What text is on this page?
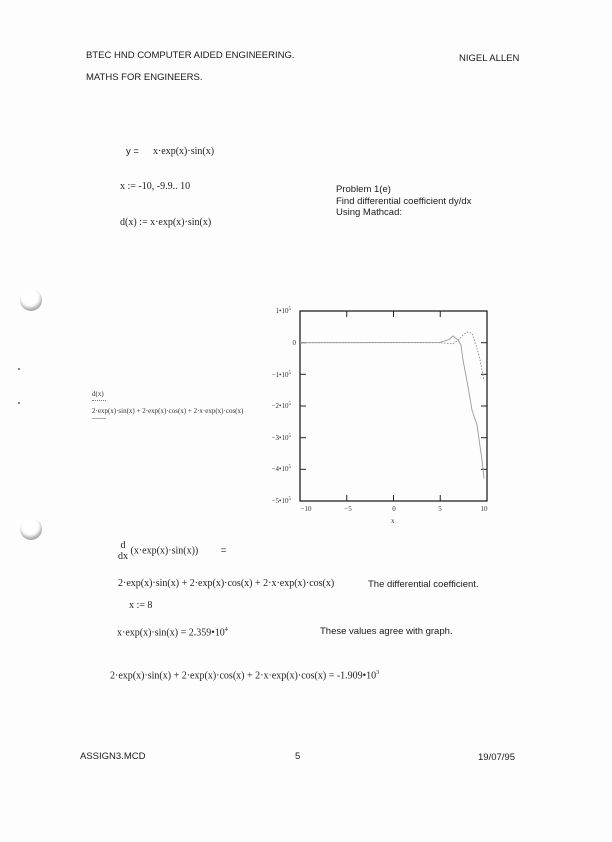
BTEC HND COMPUTER AIDED ENGINEERING.	NIGEL ALLEN
MATHS FOR ENGINEERS.
y = x·exp(x)·sin(x)
x := -10, -9.9.. 10
d(x) := x·exp(x)·sin(x)
Problem 1(e)
Find differential coefficient dy/dx
Using Mathcad:
d(x)
2·exp(x)·sin(x) + 2·exp(x)·cos(x) + 2·x·exp(x)·cos(x)
$1•10^5$
0
$-1•10^5$
$-2•10^5$
$-3•10^5$
$-4•10^5$
$-5•10^5$
−10	−5	0	5	10
x
d
dx
(x·exp(x)·sin(x)) =
2·exp(x)·sin(x) + 2·exp(x)·cos(x) + 2·x·exp(x)·cos(x)	The differential coefficient.
x := 8
$x\cdot\exp(x)\cdot\sin(x) = 2.359•10^4$	These values agree with graph.
$2\cdot\exp(x)\cdot\sin(x) + 2\cdot\exp(x)\cdot\cos(x) + 2\cdot x\cdot\exp(x)\cdot\cos(x) = -1.909•10^3$
ASSIGN3.MCD	5	19/07/95
